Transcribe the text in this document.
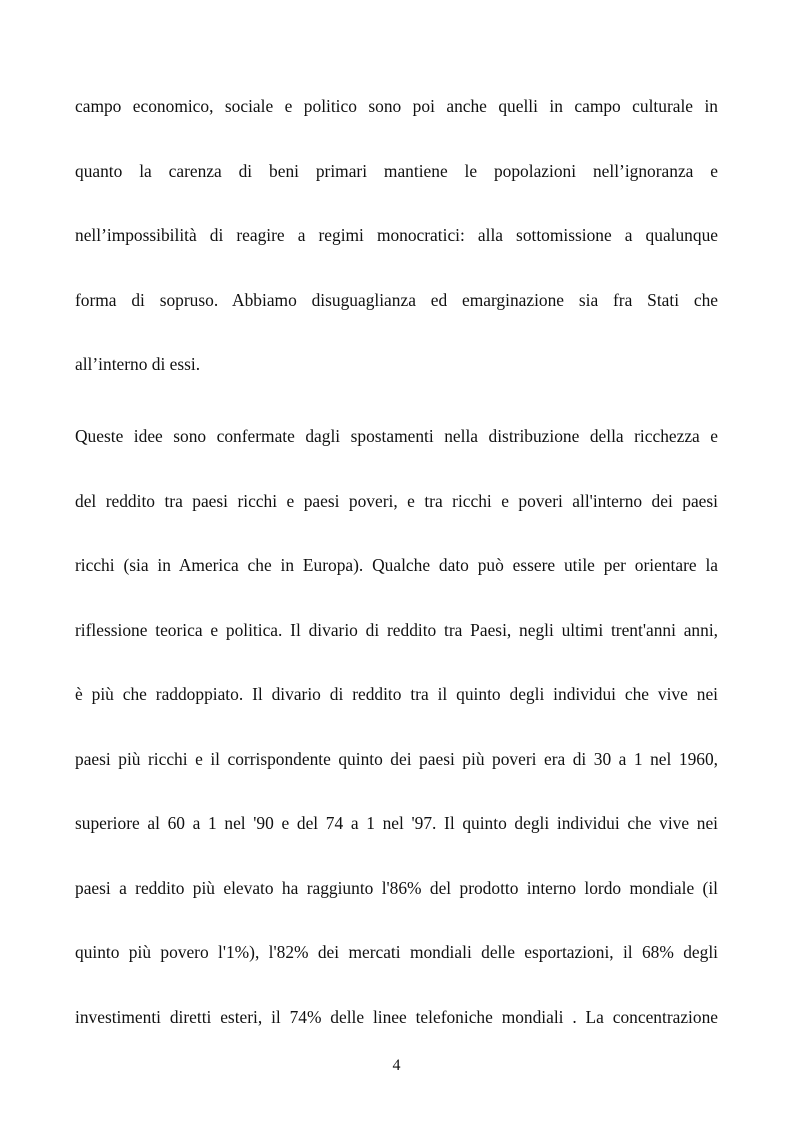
campo economico, sociale e politico sono poi anche quelli in campo culturale in
quanto la carenza di beni primari mantiene le popolazioni nell’ignoranza e
nell’impossibilità di reagire a regimi monocratici: alla sottomissione a qualunque
forma di sopruso. Abbiamo disuguaglianza ed emarginazione sia fra Stati che
all’interno di essi.
Queste idee sono confermate dagli spostamenti nella distribuzione della ricchezza e
del reddito tra paesi ricchi e paesi poveri, e tra ricchi e poveri all'interno dei paesi
ricchi (sia in America che in Europa). Qualche dato può essere utile per orientare la
riflessione teorica e politica. Il divario di reddito tra Paesi, negli ultimi trent'anni anni,
è più che raddoppiato. Il divario di reddito tra il quinto degli individui che vive nei
paesi più ricchi e il corrispondente quinto dei paesi più poveri era di 30 a 1 nel 1960,
superiore al 60 a 1 nel '90 e del 74 a 1 nel '97. Il quinto degli individui che vive nei
paesi a reddito più elevato ha raggiunto l'86% del prodotto interno lordo mondiale (il
quinto più povero l'1%), l'82% dei mercati mondiali delle esportazioni, il 68% degli
investimenti diretti esteri, il 74% delle linee telefoniche mondiali . La concentrazione
4
